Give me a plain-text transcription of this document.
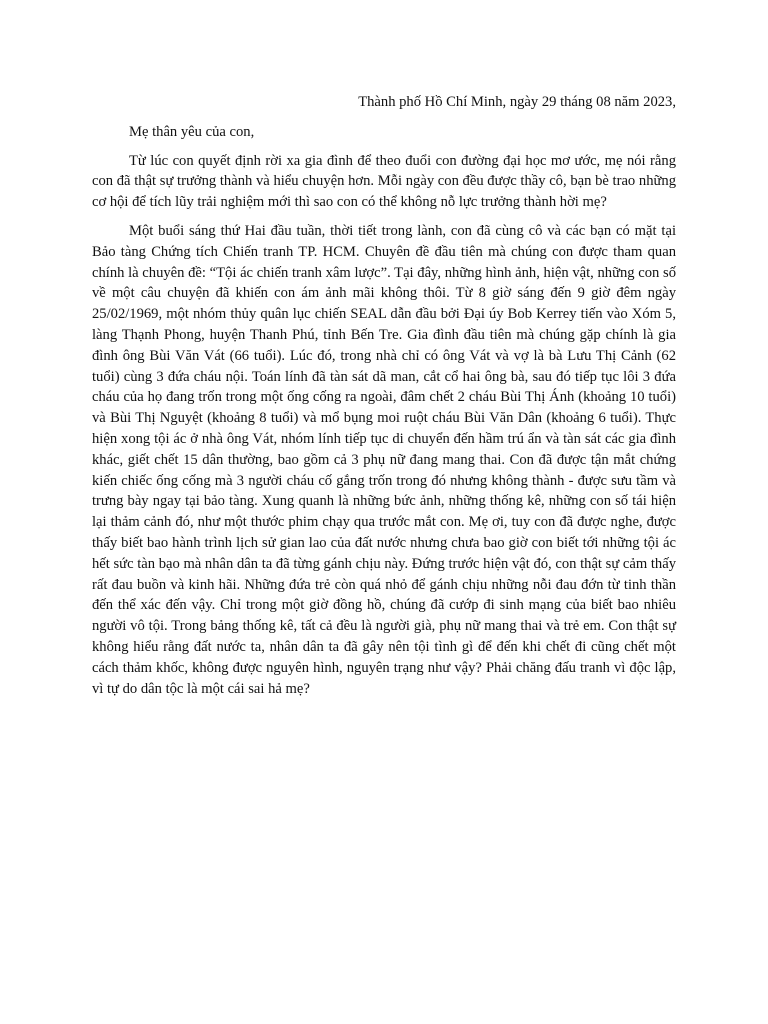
Thành phố Hồ Chí Minh, ngày 29 tháng 08 năm 2023,
Mẹ thân yêu của con,

Từ lúc con quyết định rời xa gia đình để theo đuổi con đường đại học mơ ước, mẹ nói rằng con đã thật sự trưởng thành và hiểu chuyện hơn. Mỗi ngày con đều được thầy cô, bạn bè trao những cơ hội để tích lũy trải nghiệm mới thì sao con có thể không nỗ lực trưởng thành hời mẹ?

Một buổi sáng thứ Hai đầu tuần, thời tiết trong lành, con đã cùng cô và các bạn có mặt tại Bảo tàng Chứng tích Chiến tranh TP. HCM. Chuyên đề đầu tiên mà chúng con được tham quan chính là chuyên đề: “Tội ác chiến tranh xâm lược”. Tại đây, những hình ảnh, hiện vật, những con số về một câu chuyện đã khiến con ám ảnh mãi không thôi. Từ 8 giờ sáng đến 9 giờ đêm ngày 25/02/1969, một nhóm thủy quân lục chiến SEAL dẫn đầu bởi Đại úy Bob Kerrey tiến vào Xóm 5, làng Thạnh Phong, huyện Thanh Phú, tỉnh Bến Tre. Gia đình đầu tiên mà chúng gặp chính là gia đình ông Bùi Văn Vát (66 tuổi). Lúc đó, trong nhà chỉ có ông Vát và vợ là bà Lưu Thị Cảnh (62 tuổi) cùng 3 đứa cháu nội. Toán lính đã tàn sát dã man, cắt cổ hai ông bà, sau đó tiếp tục lôi 3 đứa cháu của họ đang trốn trong một ống cống ra ngoài, đâm chết 2 cháu Bùi Thị Ánh (khoảng 10 tuổi) và Bùi Thị Nguyệt (khoảng 8 tuổi) và mổ bụng moi ruột cháu Bùi Văn Dân (khoảng 6 tuổi). Thực hiện xong tội ác ở nhà ông Vát, nhóm lính tiếp tục di chuyển đến hầm trú ẩn và tàn sát các gia đình khác, giết chết 15 dân thường, bao gồm cả 3 phụ nữ đang mang thai. Con đã được tận mắt chứng kiến chiếc ống cống mà 3 người cháu cố gắng trốn trong đó nhưng không thành - được sưu tầm và trưng bày ngay tại bảo tàng. Xung quanh là những bức ảnh, những thống kê, những con số tái hiện lại thảm cảnh đó, như một thước phim chạy qua trước mắt con. Mẹ ơi, tuy con đã được nghe, được thấy biết bao hành trình lịch sử gian lao của đất nước nhưng chưa bao giờ con biết tới những tội ác hết sức tàn bạo mà nhân dân ta đã từng gánh chịu này. Đứng trước hiện vật đó, con thật sự cảm thấy rất đau buồn và kinh hãi. Những đứa trẻ còn quá nhỏ để gánh chịu những nỗi đau đớn từ tinh thần đến thể xác đến vậy. Chỉ trong một giờ đồng hồ, chúng đã cướp đi sinh mạng của biết bao nhiêu người vô tội. Trong bảng thống kê, tất cả đều là người già, phụ nữ mang thai và trẻ em. Con thật sự không hiểu rằng đất nước ta, nhân dân ta đã gây nên tội tình gì để đến khi chết đi cũng chết một cách thảm khốc, không được nguyên hình, nguyên trạng như vậy? Phải chăng đấu tranh vì độc lập, vì tự do dân tộc là một cái sai hả mẹ?
